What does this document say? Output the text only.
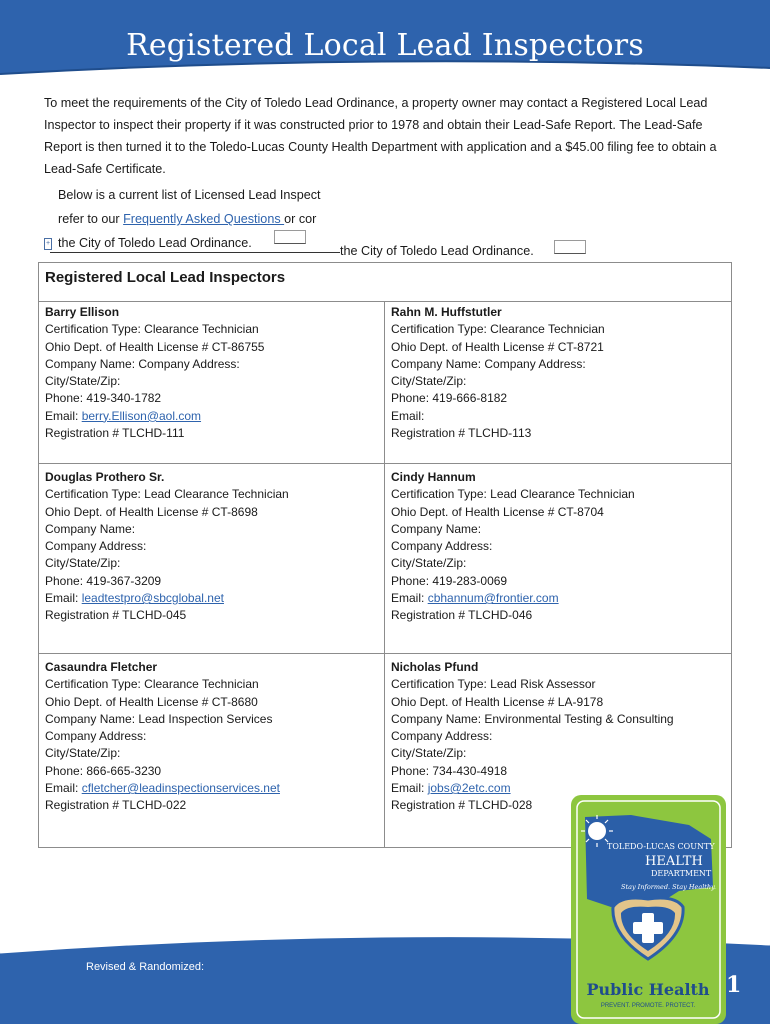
Registered Local Lead Inspectors
To meet the requirements of the City of Toledo Lead Ordinance, a property owner may contact a Registered Local Lead Inspector to inspect their property if it was constructed prior to 1978 and obtain their Lead-Safe Report. The Lead-Safe Report is then turned it to the Toledo-Lucas County Health Department with application and a $45.00 filing fee to obtain a Lead-Safe Certificate.
Below is a current list of Licensed Lead Inspect
refer to our Frequently Asked Questions or cor
the City of Toledo Lead Ordinance.
+
the City of Toledo Lead Ordinance.
Registered Local Lead Inspectors
Barry Ellison
Certification Type: Clearance Technician
Ohio Dept. of Health License # CT-86755
Company Name: Company Address:
City/State/Zip:
Phone: 419-340-1782
Email: berry.Ellison@aol.com
Registration # TLCHD-111
Rahn M. Huffstutler
Certification Type: Clearance Technician
Ohio Dept. of Health License # CT-8721
Company Name: Company Address:
City/State/Zip:
Phone: 419-666-8182
Email:
Registration # TLCHD-113
Douglas Prothero Sr.
Certification Type: Lead Clearance Technician
Ohio Dept. of Health License # CT-8698
Company Name:
Company Address:
City/State/Zip:
Phone: 419-367-3209
Email: leadtestpro@sbcglobal.net
Registration # TLCHD-045
Cindy Hannum
Certification Type: Lead Clearance Technician
Ohio Dept. of Health License # CT-8704
Company Name:
Company Address:
City/State/Zip:
Phone: 419-283-0069
Email: cbhannum@frontier.com
Registration # TLCHD-046
Casaundra Fletcher
Certification Type: Clearance Technician
Ohio Dept. of Health License # CT-8680
Company Name: Lead Inspection Services
Company Address:
City/State/Zip:
Phone: 866-665-3230
Email: cfletcher@leadinspectionservices.net
Registration # TLCHD-022
Nicholas Pfund
Certification Type: Lead Risk Assessor
Ohio Dept. of Health License # LA-9178
Company Name: Environmental Testing & Consulting
Company Address:
City/State/Zip:
Phone: 734-430-4918
Email: jobs@2etc.com
Registration # TLCHD-028
Revised & Randomized:
TOLEDO-LUCAS COUNTY
HEALTH
DEPARTMENT
Stay Informed. Stay Healthy.
Public Health
PREVENT. PROMOTE. PROTECT.
1
